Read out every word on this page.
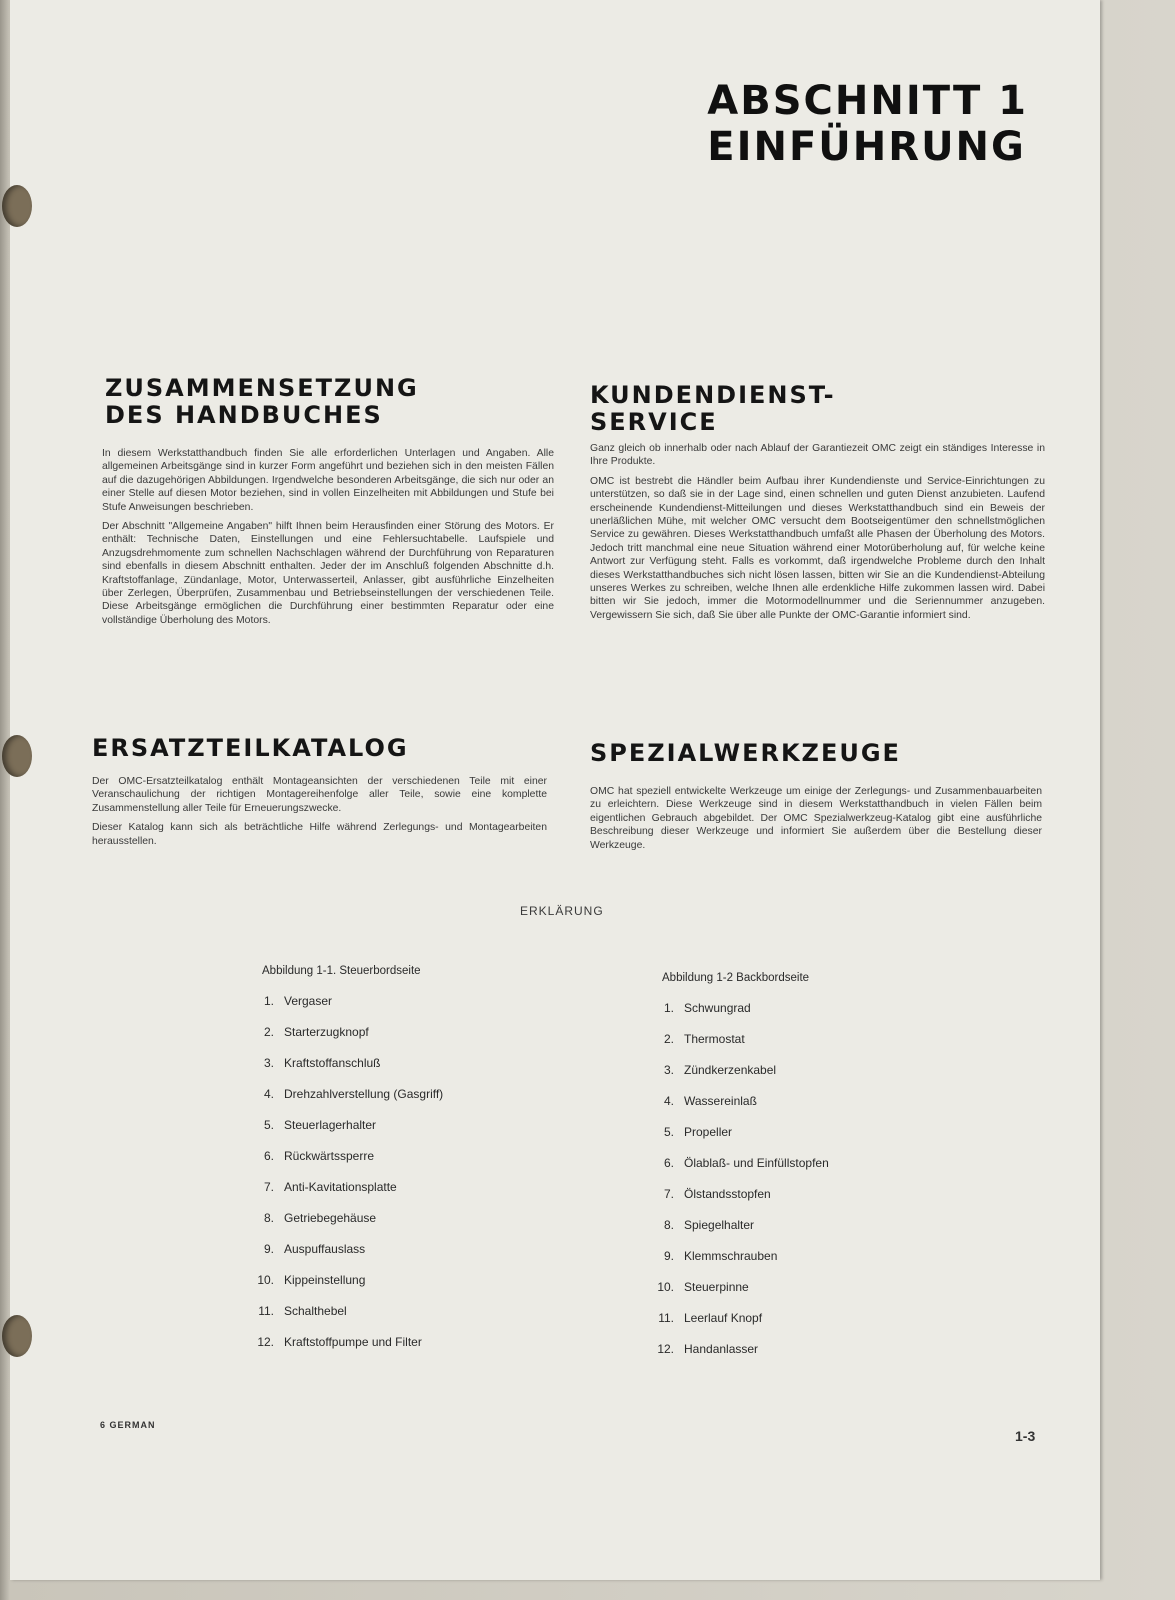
ABSCHNITT 1
EINFÜHRUNG
ZUSAMMENSETZUNG
DES HANDBUCHES

In diesem Werkstatthandbuch finden Sie alle erforderlichen Unterlagen und Angaben. Alle allgemeinen Arbeitsgänge sind in kurzer Form angeführt und beziehen sich in den meisten Fällen auf die dazugehörigen Abbildungen. Irgendwelche besonderen Arbeitsgänge, die sich nur oder an einer Stelle auf diesen Motor beziehen, sind in vollen Einzelheiten mit Abbildungen und Stufe bei Stufe Anweisungen beschrieben.

Der Abschnitt "Allgemeine Angaben" hilft Ihnen beim Herausfinden einer Störung des Motors. Er enthält: Technische Daten, Einstellungen und eine Fehlersuchtabelle. Laufspiele und Anzugsdrehmomente zum schnellen Nachschlagen während der Durchführung von Reparaturen sind ebenfalls in diesem Abschnitt enthalten. Jeder der im Anschluß folgenden Abschnitte d.h. Kraftstoffanlage, Zündanlage, Motor, Unterwasserteil, Anlasser, gibt ausführliche Einzelheiten über Zerlegen, Überprüfen, Zusammenbau und Betriebseinstellungen der verschiedenen Teile. Diese Arbeitsgänge ermöglichen die Durchführung einer bestimmten Reparatur oder eine vollständige Überholung des Motors.

KUNDENDIENST-
SERVICE

Ganz gleich ob innerhalb oder nach Ablauf der Garantiezeit OMC zeigt ein ständiges Interesse in Ihre Produkte.

OMC ist bestrebt die Händler beim Aufbau ihrer Kundendienste und Service-Einrichtungen zu unterstützen, so daß sie in der Lage sind, einen schnellen und guten Dienst anzubieten. Laufend erscheinende Kundendienst-Mitteilungen und dieses Werkstatthandbuch sind ein Beweis der unerläßlichen Mühe, mit welcher OMC versucht dem Bootseigentümer den schnellstmöglichen Service zu gewähren. Dieses Werkstatthandbuch umfaßt alle Phasen der Überholung des Motors. Jedoch tritt manchmal eine neue Situation während einer Motorüberholung auf, für welche keine Antwort zur Verfügung steht. Falls es vorkommt, daß irgendwelche Probleme durch den Inhalt dieses Werkstatthandbuches sich nicht lösen lassen, bitten wir Sie an die Kundendienst-Abteilung unseres Werkes zu schreiben, welche Ihnen alle erdenkliche Hilfe zukommen lassen wird. Dabei bitten wir Sie jedoch, immer die Motormodellnummer und die Seriennummer anzugeben. Vergewissern Sie sich, daß Sie über alle Punkte der OMC-Garantie informiert sind.

ERSATZTEILKATALOG

Der OMC-Ersatzteilkatalog enthält Montageansichten der verschiedenen Teile mit einer Veranschaulichung der richtigen Montagereihenfolge aller Teile, sowie eine komplette Zusammenstellung aller Teile für Erneuerungszwecke.

Dieser Katalog kann sich als beträchtliche Hilfe während Zerlegungs- und Montagearbeiten herausstellen.

SPEZIALWERKZEUGE

OMC hat speziell entwickelte Werkzeuge um einige der Zerlegungs- und Zusammenbauarbeiten zu erleichtern. Diese Werkzeuge sind in diesem Werkstatthandbuch in vielen Fällen beim eigentlichen Gebrauch abgebildet. Der OMC Spezialwerkzeug-Katalog gibt eine ausführliche Beschreibung dieser Werkzeuge und informiert Sie außerdem über die Bestellung dieser Werkzeuge.

ERKLÄRUNG
Abbildung 1-1. Steuerbordseite
1. Vergaser
2. Starterzugknopf
3. Kraftstoffanschluß
4. Drehzahlverstellung (Gasgriff)
5. Steuerlagerhalter
6. Rückwärtssperre
7. Anti-Kavitationsplatte
8. Getriebegehäuse
9. Auspuffauslass
10. Kippeinstellung
11. Schalthebel
12. Kraftstoffpumpe und Filter
Abbildung 1-2 Backbordseite
1. Schwungrad
2. Thermostat
3. Zündkerzenkabel
4. Wassereinlaß
5. Propeller
6. Ölablaß- und Einfüllstopfen
7. Ölstandsstopfen
8. Spiegelhalter
9. Klemmschrauben
10. Steuerpinne
11. Leerlauf Knopf
12. Handanlasser
6 GERMAN
1-3
